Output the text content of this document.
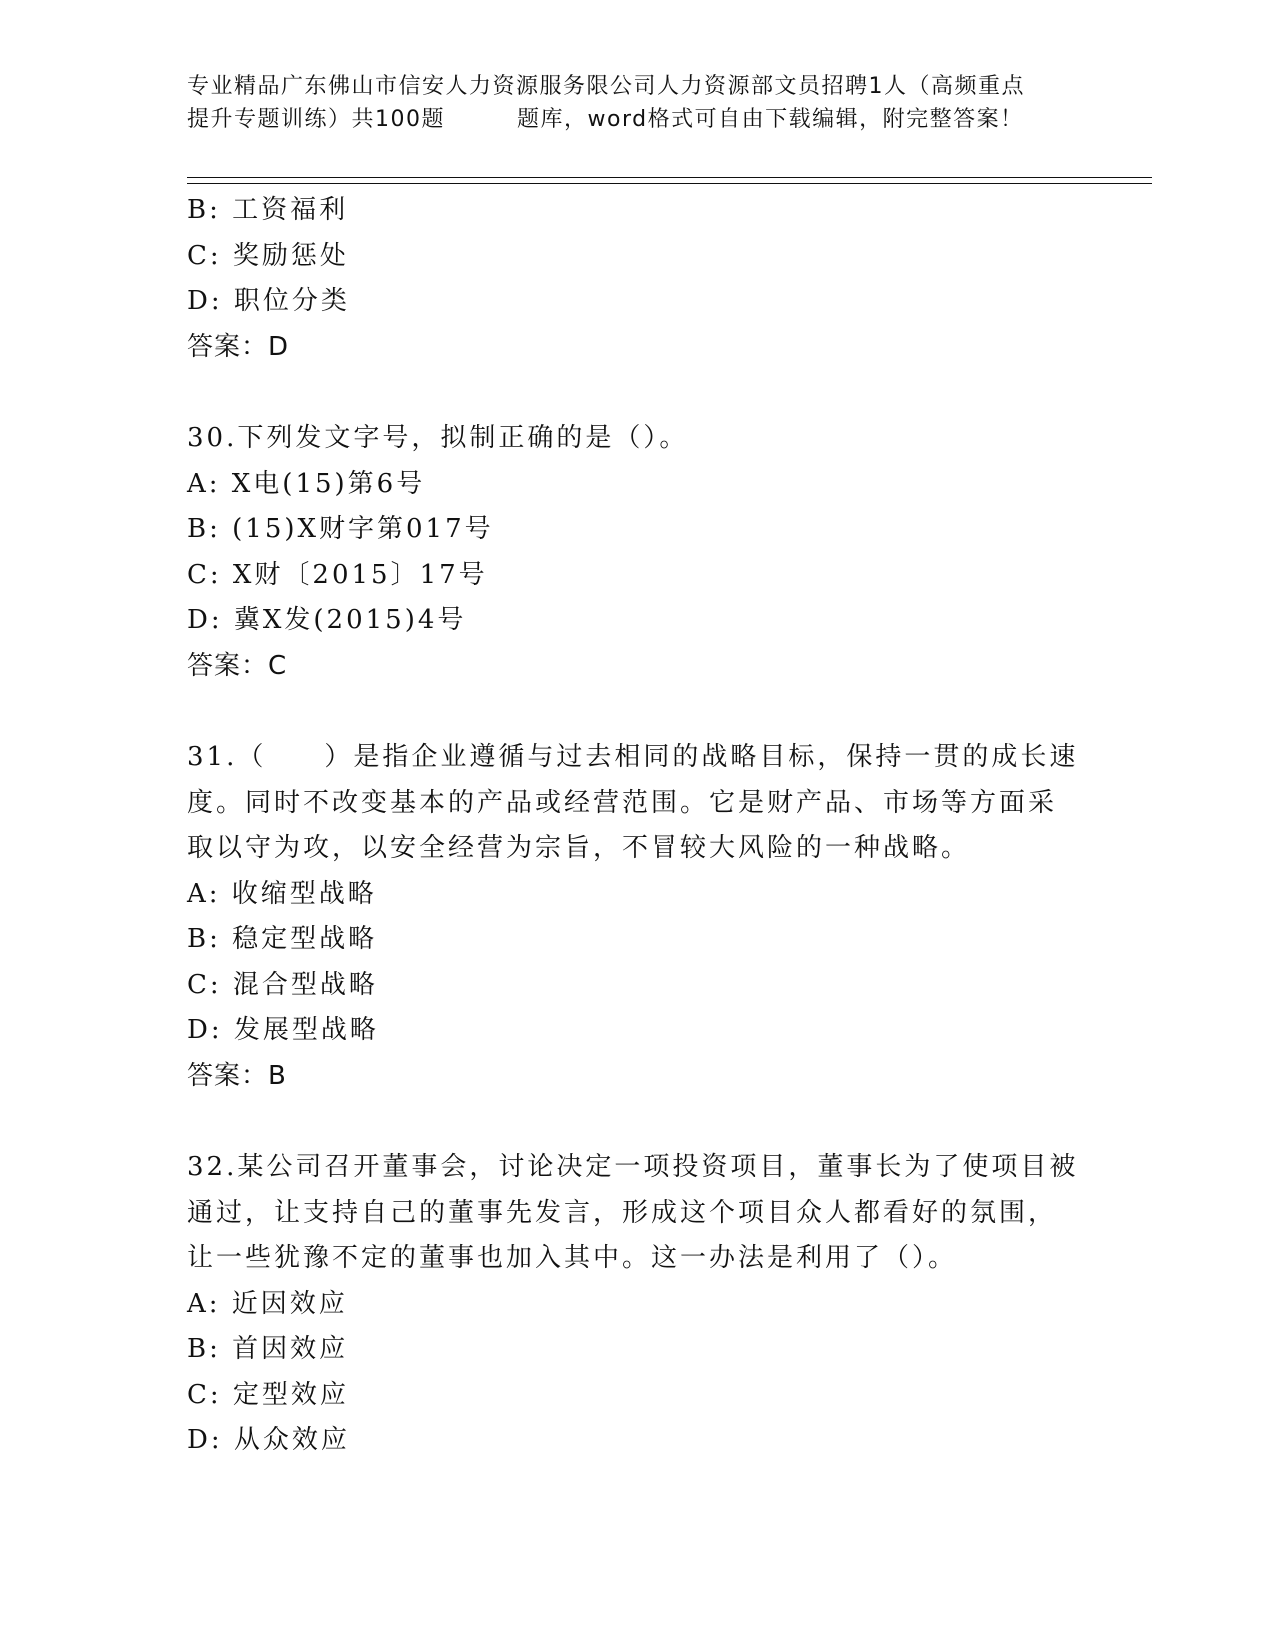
专业精品广东佛山市信安人力资源服务限公司人力资源部文员招聘1人（高频重点
提升专题训练）共100题	题库，word格式可自由下载编辑，附完整答案！
B: 工资福利
C: 奖励惩处
D: 职位分类
答案：D
30.下列发文字号，拟制正确的是（）。
A: X电(15)第6号
B: (15)X财字第017号
C: X财〔2015〕17号
D: 冀X发(2015)4号
答案：C
31.（　　）是指企业遵循与过去相同的战略目标，保持一贯的成长速
度。同时不改变基本的产品或经营范围。它是财产品、市场等方面采
取以守为攻，以安全经营为宗旨，不冒较大风险的一种战略。
A: 收缩型战略
B: 稳定型战略
C: 混合型战略
D: 发展型战略
答案：B
32.某公司召开董事会，讨论决定一项投资项目，董事长为了使项目被
通过，让支持自己的董事先发言，形成这个项目众人都看好的氛围，
让一些犹豫不定的董事也加入其中。这一办法是利用了（）。
A: 近因效应
B: 首因效应
C: 定型效应
D: 从众效应
